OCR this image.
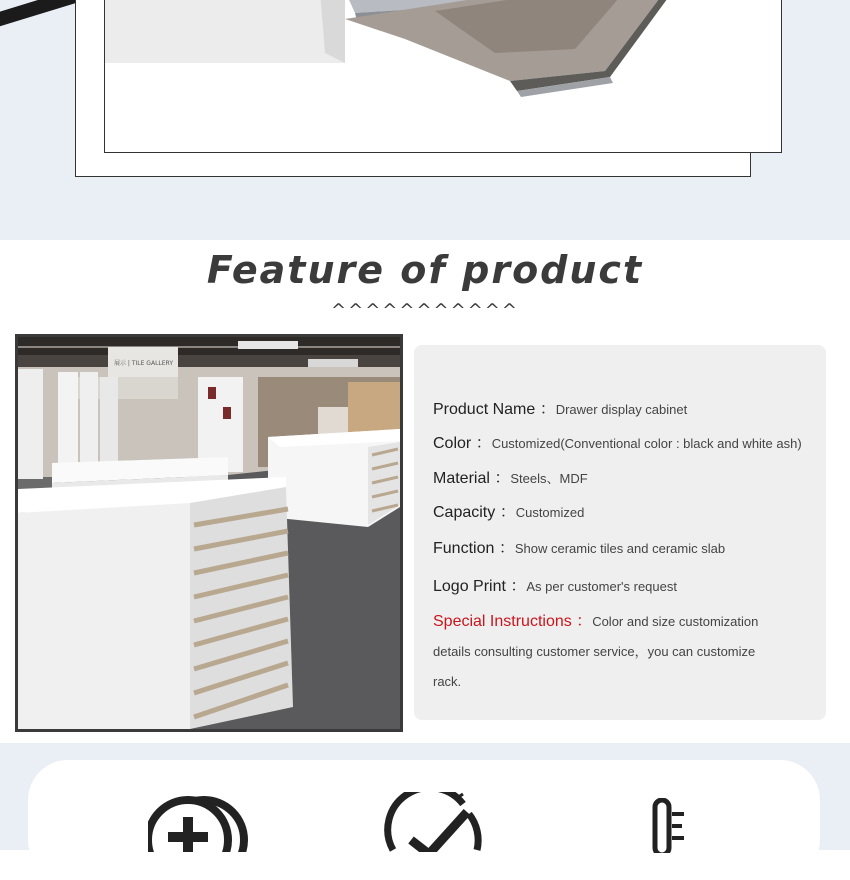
Feature of product
^^^^^^^^^^^
展示 | TILE GALLERY
Product Name ：Drawer display cabinet
Color ：Customized(Conventional color : black and white ash)
Material ：Steels、MDF
Capacity ：Customized
Function ：Show ceramic tiles and ceramic slab
Logo Print ：As per customer's request
Special Instructions ：Color and size customization
details consulting customer service，you can customize
rack.
